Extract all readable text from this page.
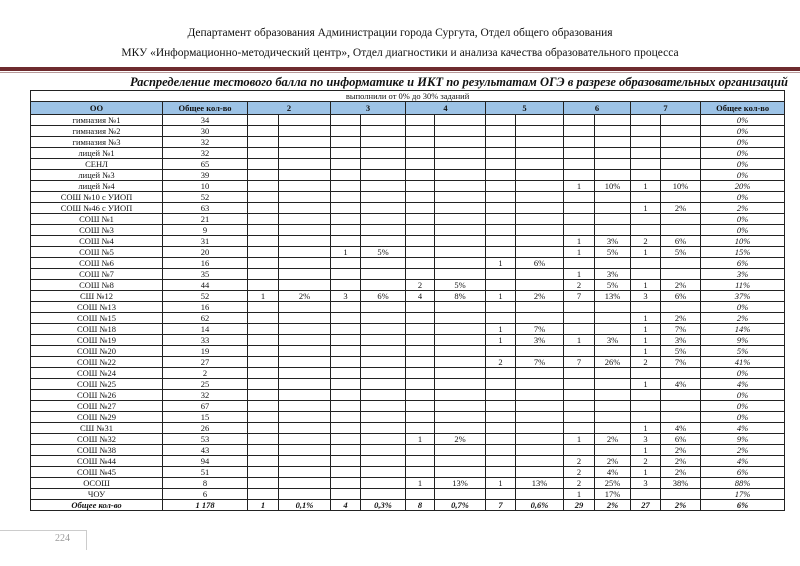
Департамент образования Администрации города Сургута, Отдел общего образования
МКУ «Информационно-методический центр», Отдел диагностики и анализа качества образовательного процесса
Распределение тестового балла по информатике и ИКТ по результатам ОГЭ в разрезе образовательных организаций
выполнили от 0% до 30% заданий														
ОО	Общее кол-во	2		3		4		5		6		7		Общее кол-во
гимназия №1	34													0%
гимназия №2	30													0%
гимназия №3	32													0%
лицей №1	32													0%
СЕНЛ	65													0%
лицей №3	39													0%
лицей №4	10									1	10%	1	10%	20%
СОШ №10 с УИОП	52													0%
СОШ №46 с УИОП	63											1	2%	2%
СОШ №1	21													0%
СОШ №3	9													0%
СОШ №4	31									1	3%	2	6%	10%
СОШ №5	20			1	5%					1	5%	1	5%	15%
СОШ №6	16							1	6%					6%
СОШ №7	35									1	3%			3%
СОШ №8	44					2	5%			2	5%	1	2%	11%
СШ №12	52	1	2%	3	6%	4	8%	1	2%	7	13%	3	6%	37%
СОШ №13	16													0%
СОШ №15	62											1	2%	2%
СОШ №18	14							1	7%			1	7%	14%
СОШ №19	33							1	3%	1	3%	1	3%	9%
СОШ №20	19											1	5%	5%
СОШ №22	27							2	7%	7	26%	2	7%	41%
СОШ №24	2													0%
СОШ №25	25											1	4%	4%
СОШ №26	32													0%
СОШ №27	67													0%
СОШ №29	15													0%
СШ №31	26											1	4%	4%
СОШ №32	53					1	2%			1	2%	3	6%	9%
СОШ №38	43											1	2%	2%
СОШ №44	94									2	2%	2	2%	4%
СОШ №45	51									2	4%	1	2%	6%
ОСОШ	8					1	13%	1	13%	2	25%	3	38%	88%
ЧОУ	6									1	17%			17%
Общее кол-во	1 178	1	0,1%	4	0,3%	8	0,7%	7	0,6%	29	2%	27	2%	6%
224
